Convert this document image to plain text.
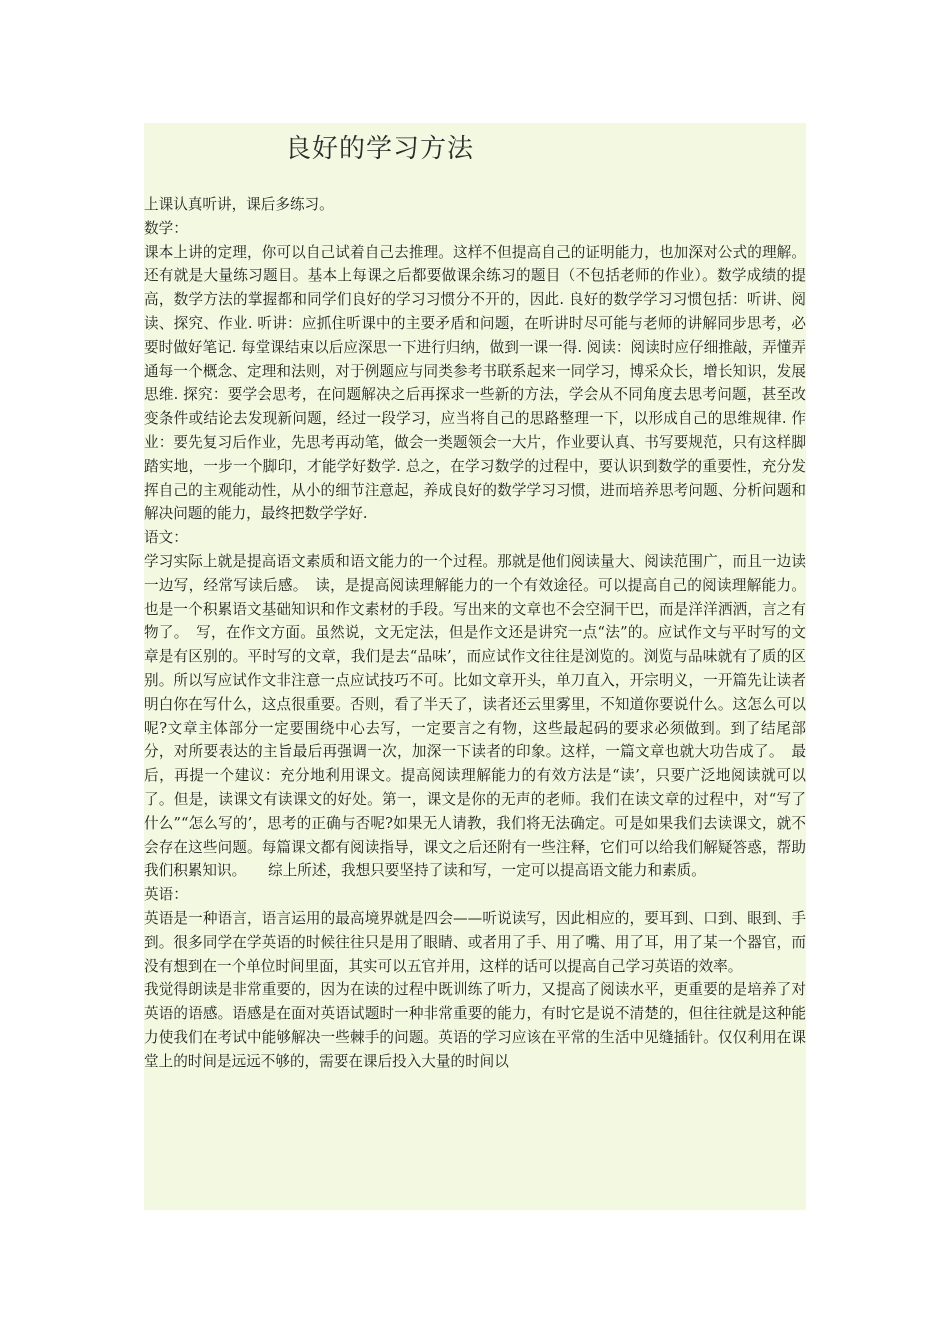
良好的学习方法

上课认真听讲，课后多练习。

数学：

课本上讲的定理，你可以自己试着自己去推理。这样不但提高自己的证明能力，也加深对公式的理解。还有就是大量练习题目。基本上每课之后都要做课余练习的题目（不包括老师的作业）。数学成绩的提高，数学方法的掌握都和同学们良好的学习习惯分不开的，因此. 良好的数学学习习惯包括：听讲、阅读、探究、作业. 听讲：应抓住听课中的主要矛盾和问题，在听讲时尽可能与老师的讲解同步思考，必要时做好笔记. 每堂课结束以后应深思一下进行归纳，做到一课一得. 阅读：阅读时应仔细推敲，弄懂弄通每一个概念、定理和法则，对于例题应与同类参考书联系起来一同学习，博采众长，增长知识，发展思维. 探究：要学会思考，在问题解决之后再探求一些新的方法，学会从不同角度去思考问题，甚至改变条件或结论去发现新问题，经过一段学习，应当将自己的思路整理一下，以形成自己的思维规律. 作业：要先复习后作业，先思考再动笔，做会一类题领会一大片，作业要认真、书写要规范，只有这样脚踏实地，一步一个脚印，才能学好数学. 总之，在学习数学的过程中，要认识到数学的重要性，充分发挥自己的主观能动性，从小的细节注意起，养成良好的数学学习习惯，进而培养思考问题、分析问题和解决问题的能力，最终把数学学好.

语文：

学习实际上就是提高语文素质和语文能力的一个过程。那就是他们阅读量大、阅读范围广，而且一边读一边写，经常写读后感。　读，是提高阅读理解能力的一个有效途径。可以提高自己的阅读理解能力。也是一个积累语文基础知识和作文素材的手段。写出来的文章也不会空洞干巴，而是洋洋洒洒，言之有物了。　写，在作文方面。虽然说，文无定法，但是作文还是讲究一点“法”的。应试作文与平时写的文章是有区别的。平时写的文章，我们是去“品味’，而应试作文往往是浏览的。浏览与品味就有了质的区别。所以写应试作文非注意一点应试技巧不可。比如文章开头，单刀直入，开宗明义，一开篇先让读者明白你在写什么，这点很重要。否则，看了半天了，读者还云里雾里，不知道你要说什么。这怎么可以呢?文章主体部分一定要围绕中心去写，一定要言之有物，这些最起码的要求必须做到。到了结尾部分，对所要表达的主旨最后再强调一次，加深一下读者的印象。这样，一篇文章也就大功告成了。　最后，再提一个建议：充分地利用课文。提高阅读理解能力的有效方法是“读’，只要广泛地阅读就可以了。但是，读课文有读课文的好处。第一，课文是你的无声的老师。我们在读文章的过程中，对“写了什么”“怎么写的’，思考的正确与否呢?如果无人请教，我们将无法确定。可是如果我们去读课文，就不会存在这些问题。每篇课文都有阅读指导，课文之后还附有一些注释，它们可以给我们解疑答惑，帮助我们积累知识。　　综上所述，我想只要坚持了读和写，一定可以提高语文能力和素质。

英语：

英语是一种语言，语言运用的最高境界就是四会——听说读写，因此相应的，要耳到、口到、眼到、手到。很多同学在学英语的时候往往只是用了眼睛、或者用了手、用了嘴、用了耳，用了某一个器官，而没有想到在一个单位时间里面，其实可以五官并用，这样的话可以提高自己学习英语的效率。

我觉得朗读是非常重要的，因为在读的过程中既训练了听力，又提高了阅读水平，更重要的是培养了对英语的语感。语感是在面对英语试题时一种非常重要的能力，有时它是说不清楚的，但往往就是这种能力使我们在考试中能够解决一些棘手的问题。英语的学习应该在平常的生活中见缝插针。仅仅利用在课堂上的时间是远远不够的，需要在课后投入大量的时间以
